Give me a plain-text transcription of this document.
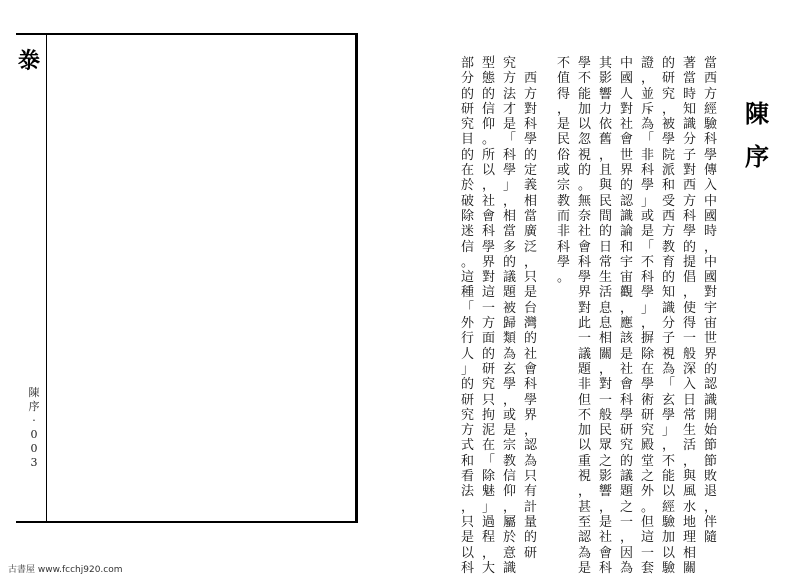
𣳾
陳
序
·
0
0
3
陳
序
當
西
方
經
驗
科
學
傳
入
中
國
時
，
中
國
對
宇
宙
世
界
的
認
識
開
始
節
節
敗
退
，
伴
隨
著
當
時
知
識
分
子
對
西
方
科
學
的
提
倡
，
使
得
一
般
深
入
日
常
生
活
，
與
風
水
地
理
相
關
的
研
究
，
被
學
院
派
和
受
西
方
教
育
的
知
識
分
子
視
為
「
玄
學
」
，
不
能
以
經
驗
加
以
驗
證
，
並
斥
為
「
非
科
學
」
或
是
「
不
科
學
」
，
摒
除
在
學
術
研
究
殿
堂
之
外
。
但
這
一
套
中
國
人
對
社
會
世
界
的
認
識
論
和
宇
宙
觀
，
應
該
是
社
會
科
學
研
究
的
議
題
之
一
，
因
為
其
影
響
力
依
舊
，
且
與
民
間
的
日
常
生
活
息
息
相
關
，
對
一
般
民
眾
之
影
響
，
是
社
會
科
學
不
能
加
以
忽
視
的
。
無
奈
社
會
科
學
界
對
此
一
議
題
非
但
不
加
以
重
視
，
甚
至
認
為
是
不
值
得
，
是
民
俗
或
宗
教
而
非
科
學
。

西
方
對
科
學
的
定
義
相
當
廣
泛
，
只
是
台
灣
的
社
會
科
學
界
，
認
為
只
有
計
量
的
研
究
方
法
才
是
「
科
學
」
，
相
當
多
的
議
題
被
歸
類
為
玄
學
，
或
是
宗
教
信
仰
，
屬
於
意
識
型
態
的
信
仰
。
所
以
，
社
會
科
學
界
對
這
一
方
面
的
研
究
只
拘
泥
在
「
除
魅
」
過
程
，
大
部
分
的
研
究
目
的
在
於
破
除
迷
信
。
這
種
「
外
行
人
」
的
研
究
方
式
和
看
法
，
只
是
以
科
古書屋 www.fcchj920.com
